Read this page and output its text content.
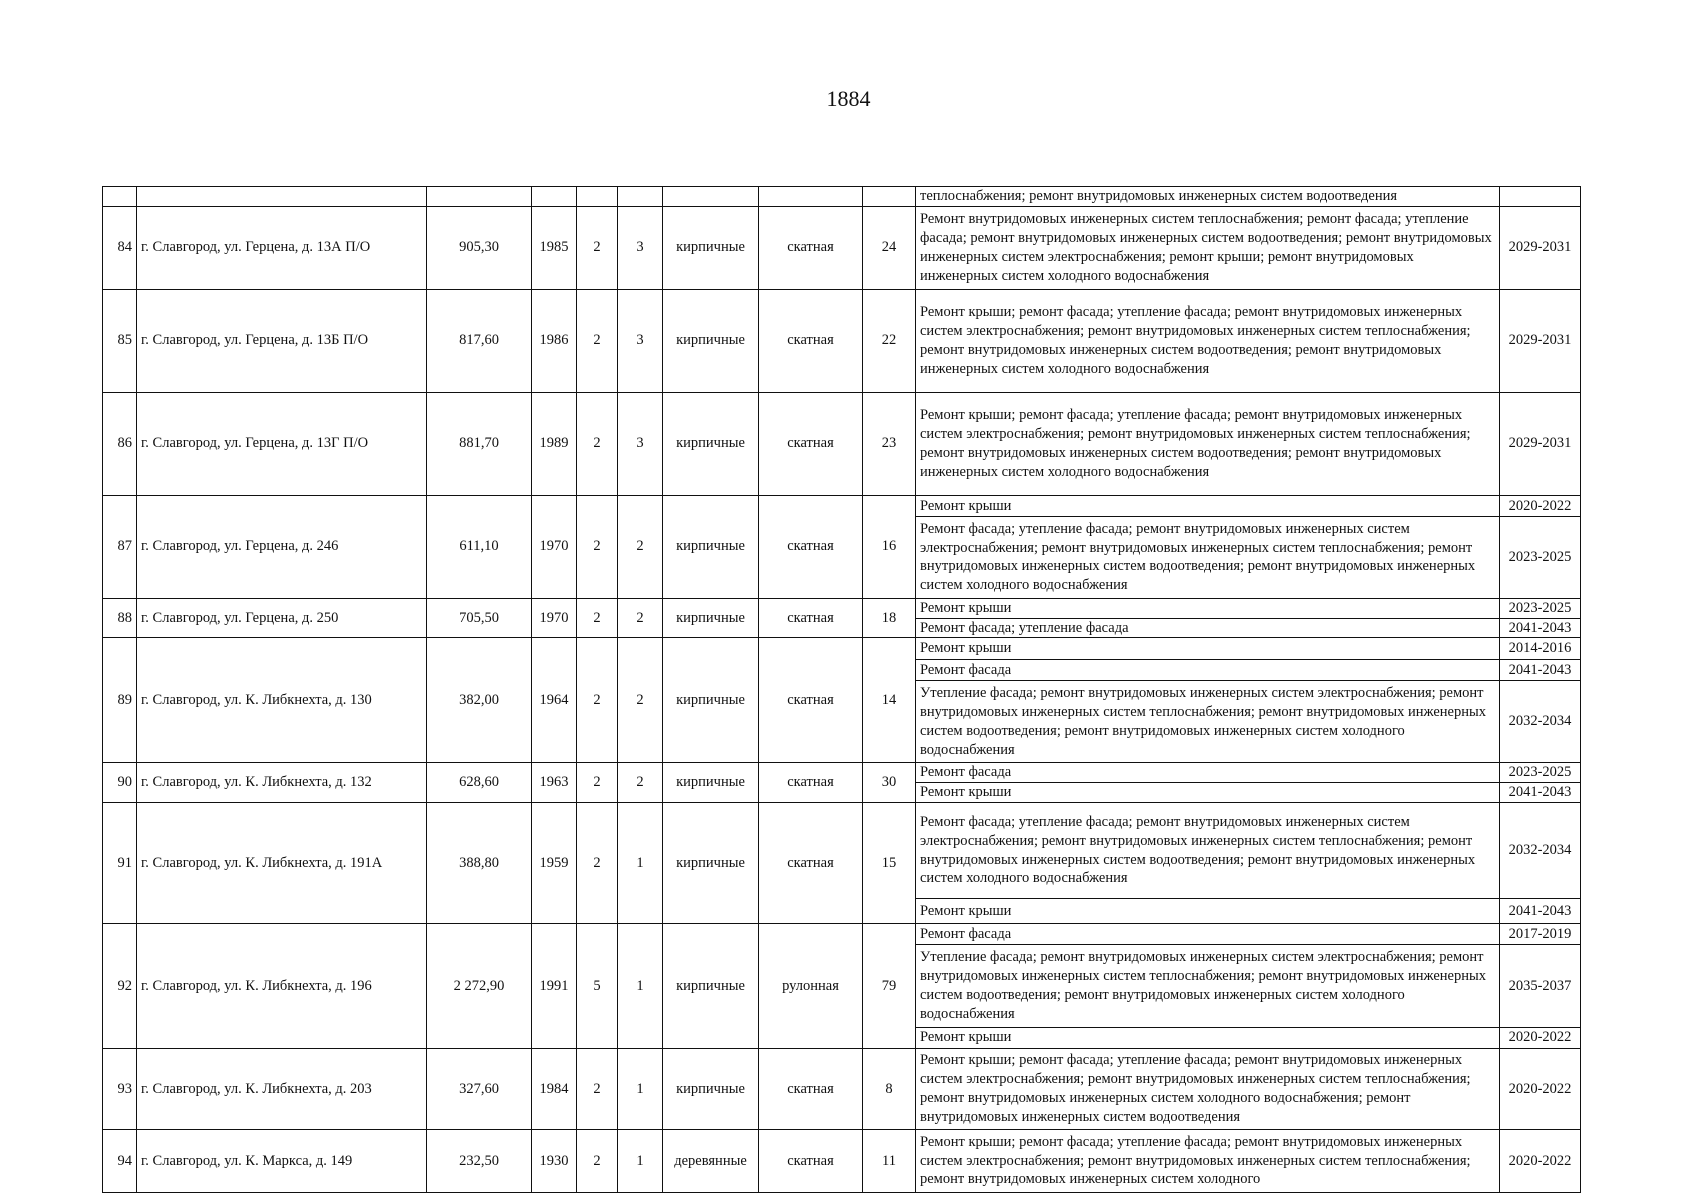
1884
									теплоснабжения; ремонт внутридомовых инженерных систем водоотведения	
84	г. Славгород, ул. Герцена, д. 13А П/О	905,30	1985	2	3	кирпичные	скатная	24	Ремонт внутридомовых инженерных систем теплоснабжения; ремонт фасада; утепление фасада; ремонт внутридомовых инженерных систем водоотведения; ремонт внутридомовых инженерных систем электроснабжения; ремонт крыши; ремонт внутридомовых инженерных систем холодного водоснабжения	2029-2031
85	г. Славгород, ул. Герцена, д. 13Б П/О	817,60	1986	2	3	кирпичные	скатная	22	Ремонт крыши; ремонт фасада; утепление фасада; ремонт внутридомовых инженерных систем электроснабжения; ремонт внутридомовых инженерных систем теплоснабжения; ремонт внутридомовых инженерных систем водоотведения; ремонт внутридомовых инженерных систем холодного водоснабжения	2029-2031
86	г. Славгород, ул. Герцена, д. 13Г П/О	881,70	1989	2	3	кирпичные	скатная	23	Ремонт крыши; ремонт фасада; утепление фасада; ремонт внутридомовых инженерных систем электроснабжения; ремонт внутридомовых инженерных систем теплоснабжения; ремонт внутридомовых инженерных систем водоотведения; ремонт внутридомовых инженерных систем холодного водоснабжения	2029-2031
87	г. Славгород, ул. Герцена, д. 246	611,10	1970	2	2	кирпичные	скатная	16	Ремонт крыши	2020-2022
									Ремонт фасада; утепление фасада; ремонт внутридомовых инженерных систем электроснабжения; ремонт внутридомовых инженерных систем теплоснабжения; ремонт внутридомовых инженерных систем водоотведения; ремонт внутридомовых инженерных систем холодного водоснабжения	2023-2025
88	г. Славгород, ул. Герцена, д. 250	705,50	1970	2	2	кирпичные	скатная	18	Ремонт крыши	2023-2025
									Ремонт фасада; утепление фасада	2041-2043
89	г. Славгород, ул. К. Либкнехта, д. 130	382,00	1964	2	2	кирпичные	скатная	14	Ремонт крыши	2014-2016
									Ремонт фасада	2041-2043
									Утепление фасада; ремонт внутридомовых инженерных систем электроснабжения; ремонт внутридомовых инженерных систем теплоснабжения; ремонт внутридомовых инженерных систем водоотведения; ремонт внутридомовых инженерных систем холодного водоснабжения	2032-2034
90	г. Славгород, ул. К. Либкнехта, д. 132	628,60	1963	2	2	кирпичные	скатная	30	Ремонт фасада	2023-2025
									Ремонт крыши	2041-2043
91	г. Славгород, ул. К. Либкнехта, д. 191А	388,80	1959	2	1	кирпичные	скатная	15	Ремонт фасада; утепление фасада; ремонт внутридомовых инженерных систем электроснабжения; ремонт внутридомовых инженерных систем теплоснабжения; ремонт внутридомовых инженерных систем водоотведения; ремонт внутридомовых инженерных систем холодного водоснабжения	2032-2034
									Ремонт крыши	2041-2043
92	г. Славгород, ул. К. Либкнехта, д. 196	2 272,90	1991	5	1	кирпичные	рулонная	79	Ремонт фасада	2017-2019
									Утепление фасада; ремонт внутридомовых инженерных систем электроснабжения; ремонт внутридомовых инженерных систем теплоснабжения; ремонт внутридомовых инженерных систем водоотведения; ремонт внутридомовых инженерных систем холодного водоснабжения	2035-2037
									Ремонт крыши	2020-2022
93	г. Славгород, ул. К. Либкнехта, д. 203	327,60	1984	2	1	кирпичные	скатная	8	Ремонт крыши; ремонт фасада; утепление фасада; ремонт внутридомовых инженерных систем электроснабжения; ремонт внутридомовых инженерных систем теплоснабжения; ремонт внутридомовых инженерных систем холодного водоснабжения; ремонт внутридомовых инженерных систем водоотведения	2020-2022
94	г. Славгород, ул. К. Маркса, д. 149	232,50	1930	2	1	деревянные	скатная	11	Ремонт крыши; ремонт фасада; утепление фасада; ремонт внутридомовых инженерных систем электроснабжения; ремонт внутридомовых инженерных систем теплоснабжения; ремонт внутридомовых инженерных систем холодного	2020-2022
